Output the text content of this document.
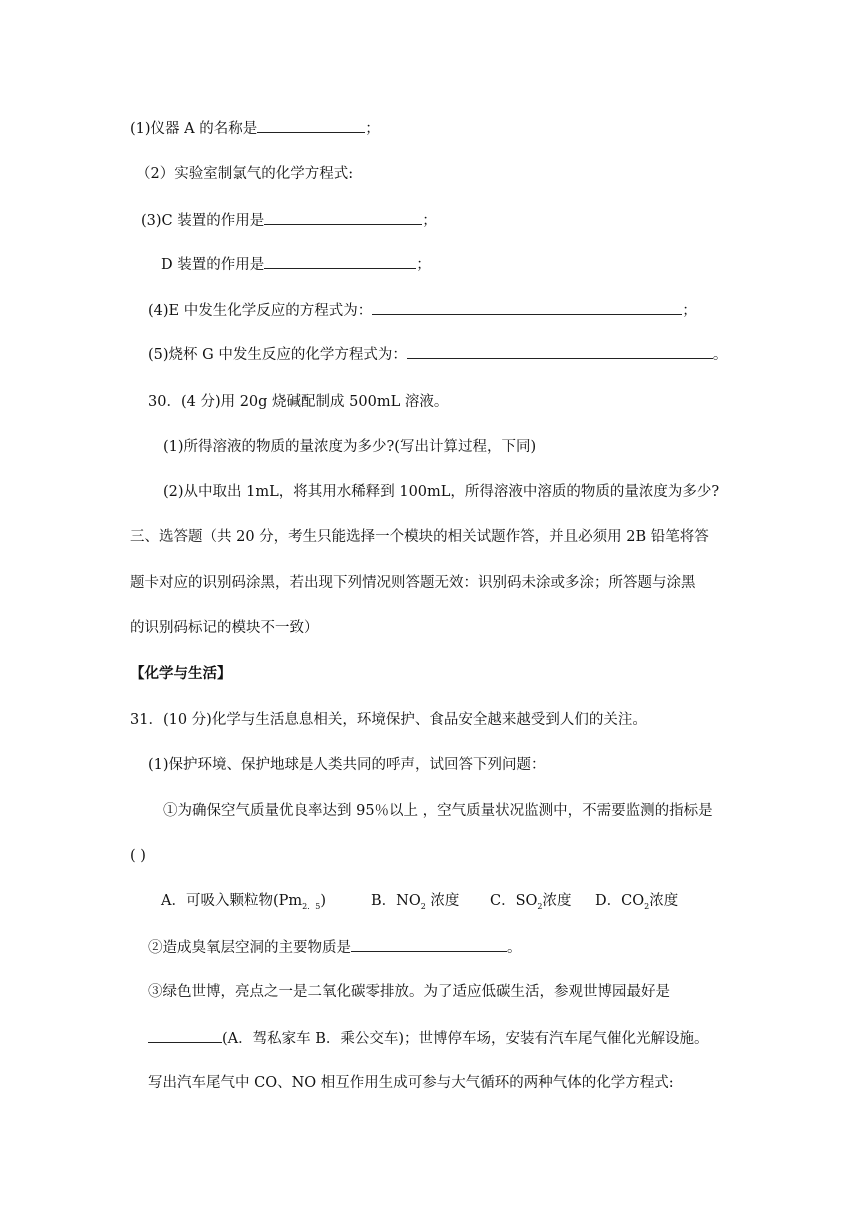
(1)仪器 A 的名称是	；
（2）实验室制氯气的化学方程式:
(3)C 装置的作用是	；
D 装置的作用是	；
(4)E 中发生化学反应的方程式为：	；
(5)烧杯 G 中发生反应的化学方程式为：	。
30．(4 分)用 20g 烧碱配制成 500mL 溶液。
(1)所得溶液的物质的量浓度为多少?(写出计算过程，下同)
(2)从中取出 1mL，将其用水稀释到 100mL，所得溶液中溶质的物质的量浓度为多少?
三、选答题（共 20 分，考生只能选择一个模块的相关试题作答，并且必须用 2B 铅笔将答
题卡对应的识别码涂黑，若出现下列情况则答题无效：识别码未涂或多涂；所答题与涂黑
的识别码标记的模块不一致）
【化学与生活】
31．(10 分)化学与生活息息相关，环境保护、食品安全越来越受到人们的关注。
(1)保护环境、保护地球是人类共同的呼声，试回答下列问题：
①为确保空气质量优良率达到 95％以上 ，空气质量状况监测中，不需要监测的指标是
( )
A．可吸入颗粒物$(Pm_{2.5})$	B．$NO_2$ 浓度 C．$SO_2$浓度 D．$CO_2$浓度
②造成臭氧层空洞的主要物质是	。
③绿色世博，亮点之一是二氧化碳零排放。为了适应低碳生活，参观世博园最好是
(A．驾私家车 B．乘公交车)；世博停车场，安装有汽车尾气催化光解设施。
写出汽车尾气中 CO、NO 相互作用生成可参与大气循环的两种气体的化学方程式:
